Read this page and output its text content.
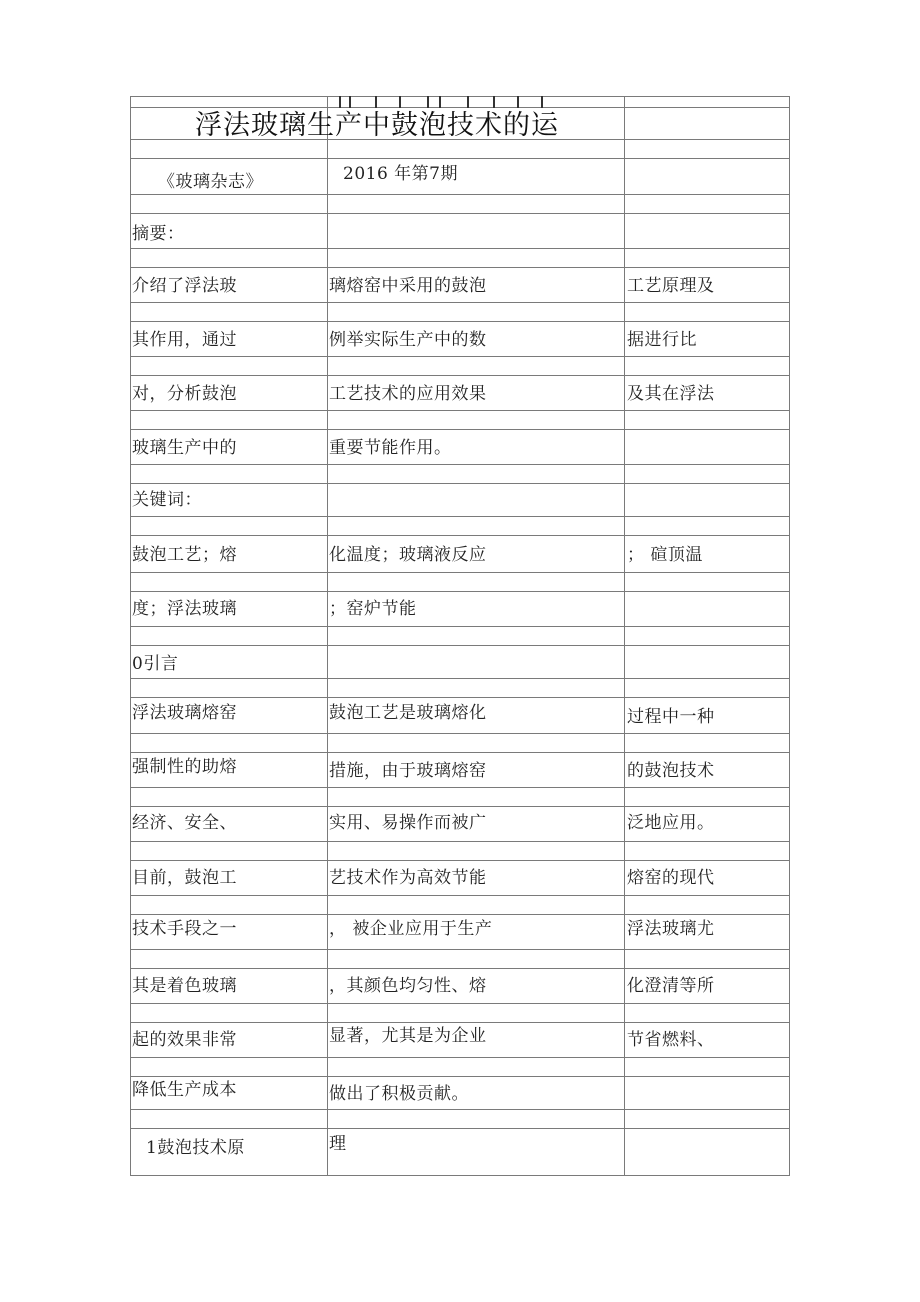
浮法玻璃生产中鼓泡技术的运
《玻璃杂志》	2016 年第7期
摘要：
介绍了浮法玻	璃熔窑中采用的鼓泡	工艺原理及
其作用，通过	例举实际生产中的数	据进行比
对，分析鼓泡	工艺技术的应用效果	及其在浮法
玻璃生产中的	重要节能作用。
关键词：
鼓泡工艺；熔	化温度；玻璃液反应	； 碹顶温
度；浮法玻璃	；窑炉节能
0引言
浮法玻璃熔窑	鼓泡工艺是玻璃熔化	过程中一种
强制性的助熔	措施，由于玻璃熔窑	的鼓泡技术
经济、安全、	实用、易操作而被广	泛地应用。
目前，鼓泡工	艺技术作为高效节能	熔窑的现代
技术手段之一	， 被企业应用于生产	浮法玻璃尤
其是着色玻璃	，其颜色均匀性、熔	化澄清等所
起的效果非常	显著，尤其是为企业	节省燃料、
降低生产成本	做出了积极贡献。
1鼓泡技术原	理
